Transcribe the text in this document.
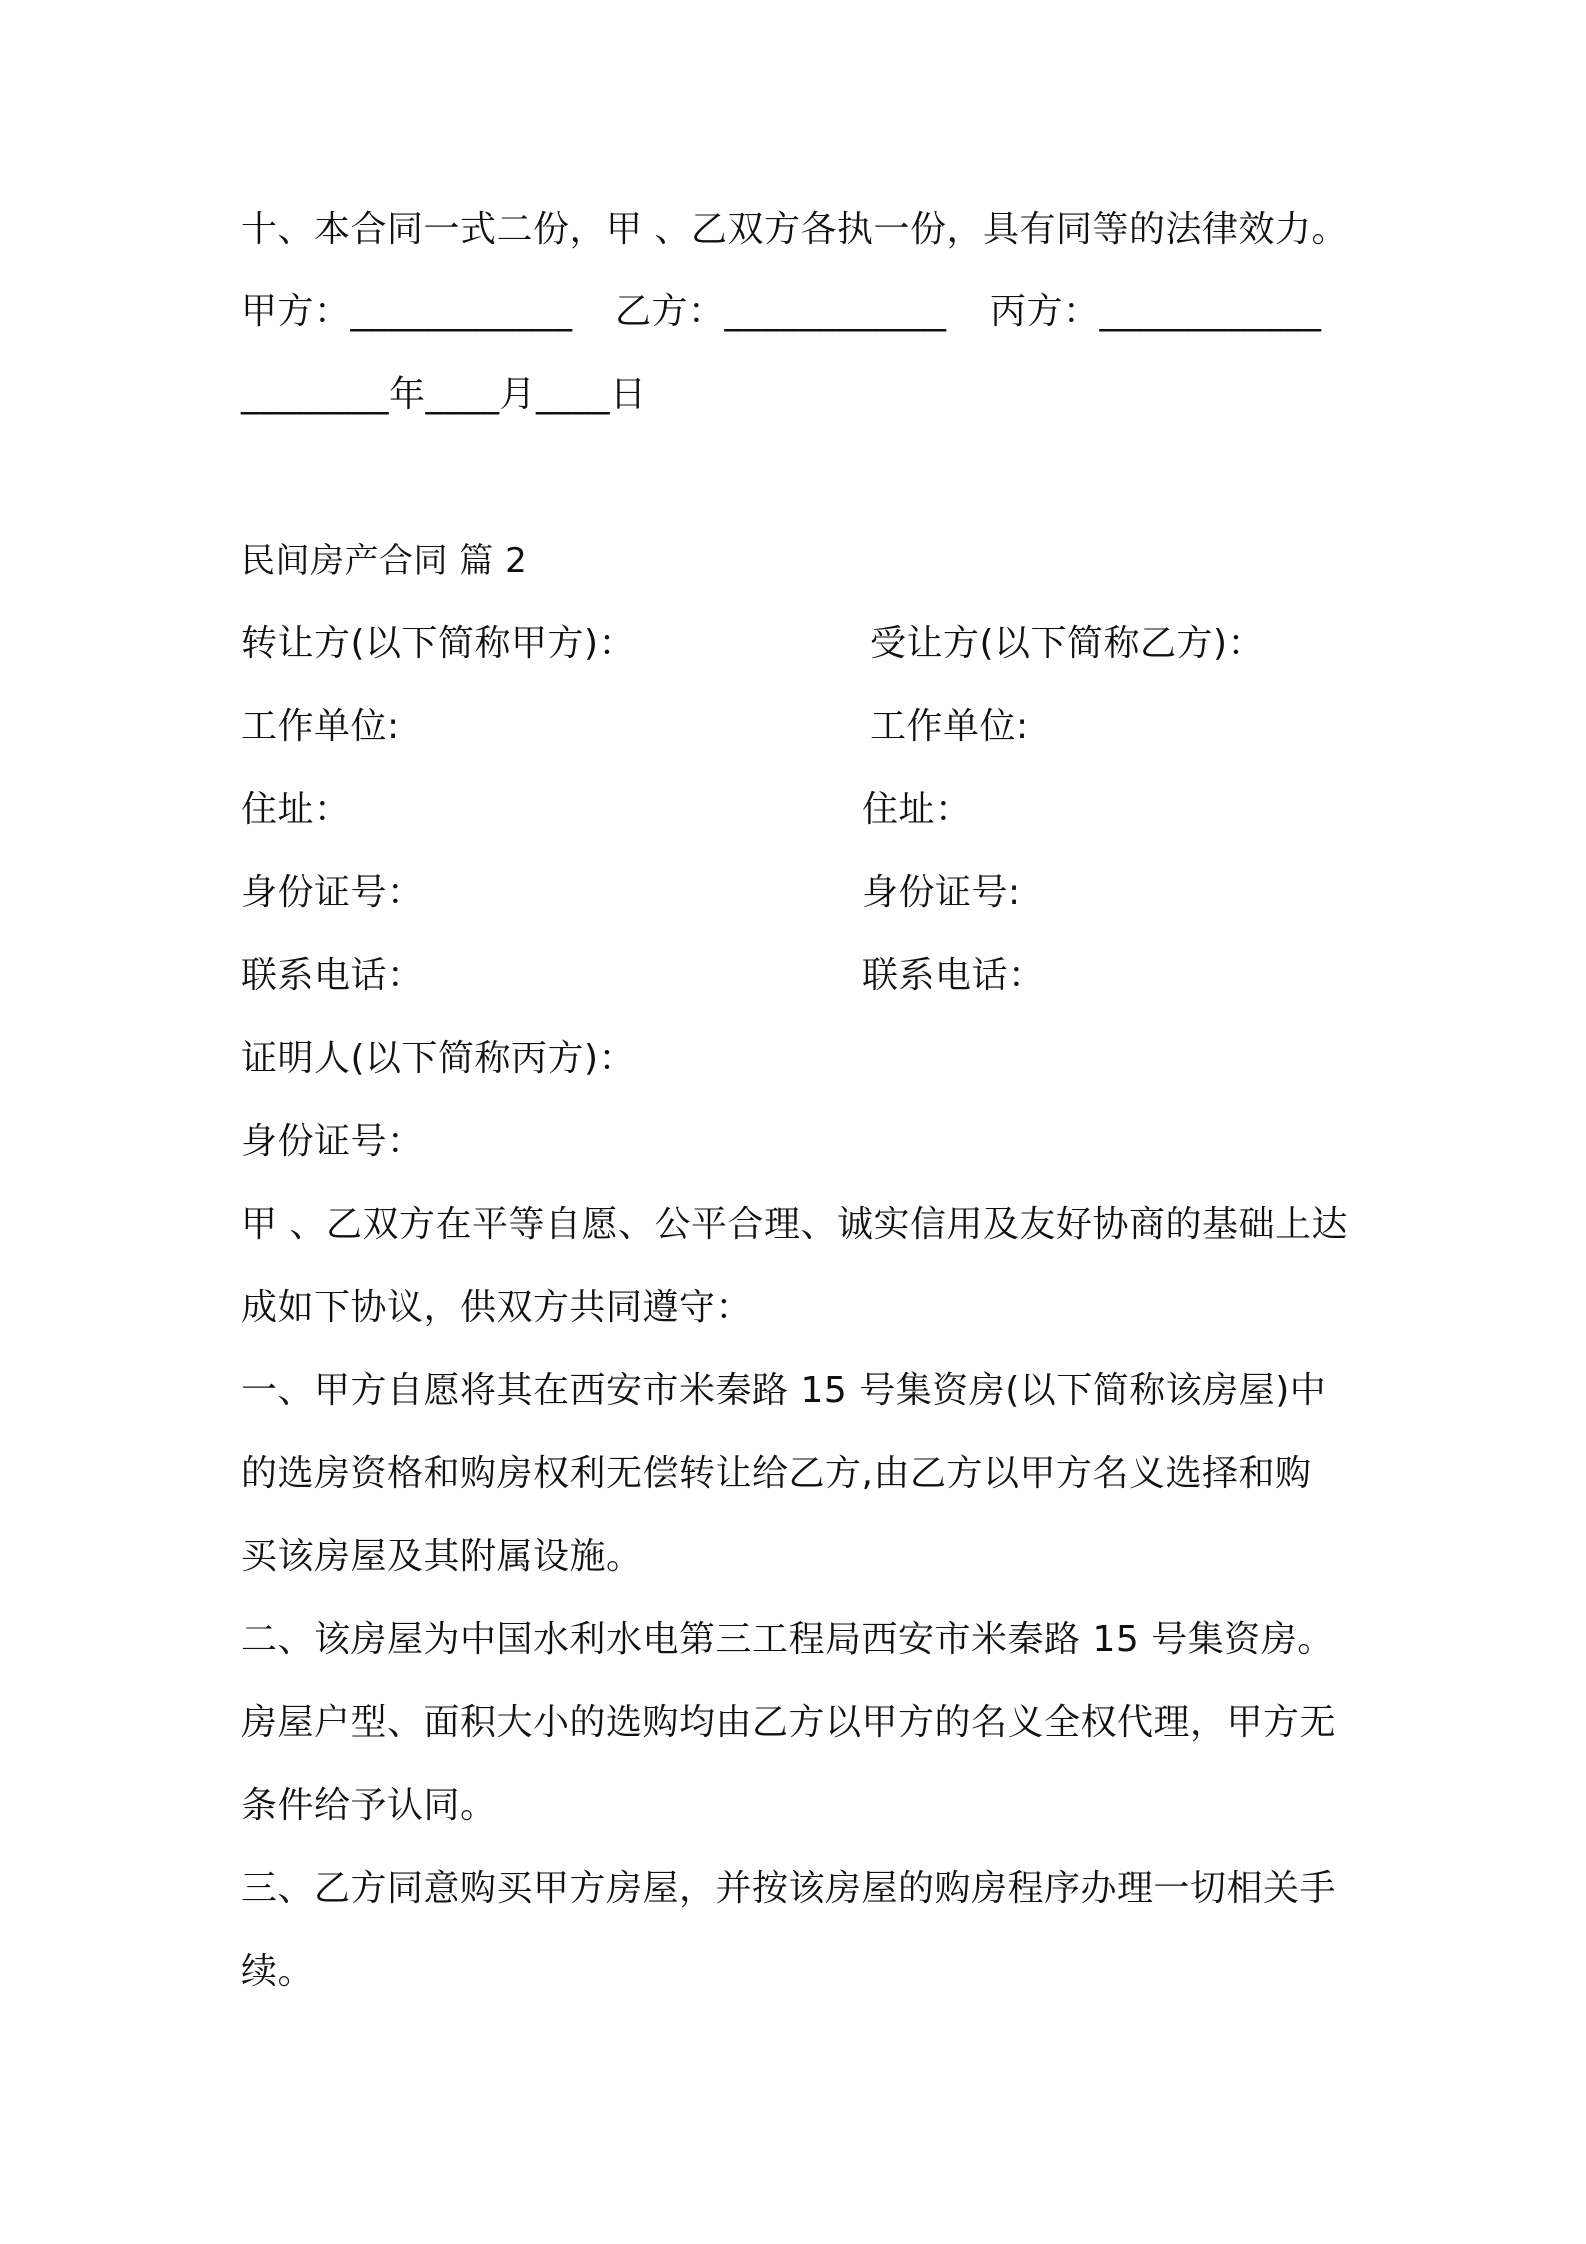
十、本合同一式二份，甲 、乙双方各执一份，具有同等的法律效力。
甲方：____________ 乙方：____________ 丙方：____________
________年____月____日
民间房产合同 篇 2
转让方(以下简称甲方)：	受让方(以下简称乙方)：
工作单位:	工作单位:
住址：	住址：
身份证号：	身份证号:
联系电话：	联系电话：
证明人(以下简称丙方)：
身份证号：
甲 、乙双方在平等自愿、公平合理、诚实信用及友好协商的基础上达
成如下协议，供双方共同遵守：
一、甲方自愿将其在西安市米秦路 15 号集资房(以下简称该房屋)中
的选房资格和购房权利无偿转让给乙方,由乙方以甲方名义选择和购
买该房屋及其附属设施。
二、该房屋为中国水利水电第三工程局西安市米秦路 15 号集资房。
房屋户型、面积大小的选购均由乙方以甲方的名义全权代理，甲方无
条件给予认同。
三、乙方同意购买甲方房屋，并按该房屋的购房程序办理一切相关手
续。
